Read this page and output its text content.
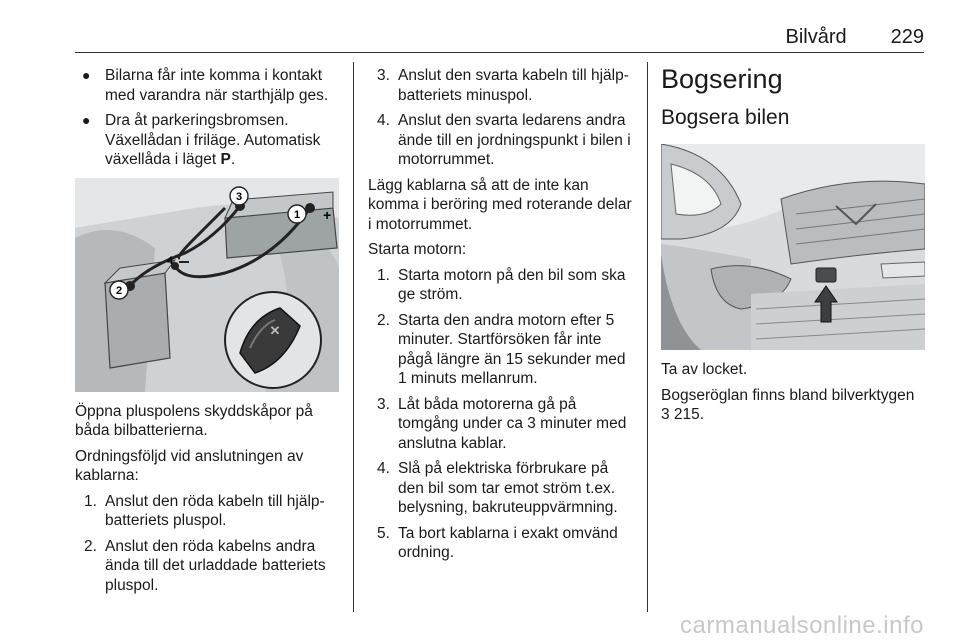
Bilvård 229
● Bilarna får inte komma i kontakt med varandra när starthjälp ges.
● Dra åt parkeringsbromsen. Växellådan i friläge. Automatisk växellåda i läget P.
1 +
2
3
4
✕

Öppna pluspolens skyddskåpor på båda bilbatterierna.

Ordningsföljd vid anslutningen av kablarna:

1. Anslut den röda kabeln till hjälp-batteriets pluspol.
2. Anslut den röda kabelns andra ända till det urladdade batteriets pluspol.
3. Anslut den svarta kabeln till hjälp-batteriets minuspol.
4. Anslut den svarta ledarens andra ände till en jordningspunkt i bilen i motorrummet.

Lägg kablarna så att de inte kan komma i beröring med roterande delar i motorrummet.

Starta motorn:

1. Starta motorn på den bil som ska ge ström.
2. Starta den andra motorn efter 5 minuter. Startförsöken får inte pågå längre än 15 sekunder med 1 minuts mellanrum.
3. Låt båda motorerna gå på tomgång under ca 3 minuter med anslutna kablar.
4. Slå på elektriska förbrukare på den bil som tar emot ström t.ex. belysning, bakruteuppvärmning.
5. Ta bort kablarna i exakt omvänd ordning.
Bogsering
Bogsera bilen

Ta av locket.

Bogseröglan finns bland bilverktygen 3 215.

carmanualsonline.info
